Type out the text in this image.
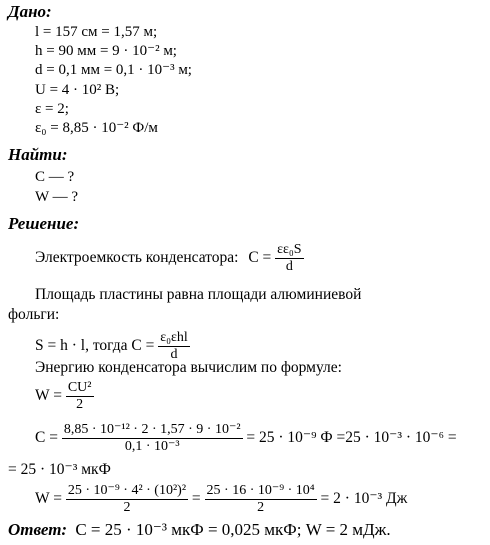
Дано:
l = 157 см = 1,57 м;
h = 90 мм = 9 · 10⁻² м;
d = 0,1 мм = 0,1 · 10⁻³ м;
U = 4 · 10² В;
ε = 2;
ε₀ = 8,85 · 10⁻² Ф/м
Найти:
C — ?
W — ?
Решение:
Электроемкость конденсатора: $C = \frac{\text{εε₀S}}{d}$
Площадь пластины равна площади алюминиевой
фольги:
S = h · l, тогда $C = \frac{\text{ε₀εhl}}{d}$
Энергию конденсатора вычислим по формуле:
$W = \frac{\text{CU²}}{2}$
$C = \frac{\text{8,85 · 10⁻¹² · 2 · 1,57 · 9 · 10⁻²}}{\text{0,1 · 10⁻³}} = 25 \cdot 10^{-9}$ Ф =25 · 10⁻³ · 10⁻⁶ =
= 25 · 10⁻³ мкФ
$W = \frac{\text{25 · 10⁻⁹ · 4² · (10²)²}}{2} = \frac{\text{25 · 16 · 10⁻⁹ · 10⁴}}{2} = 2 \cdot 10^{-3}$ Дж
Ответ: C = 25 · 10⁻³ мкФ = 0,025 мкФ; W = 2 мДж.
